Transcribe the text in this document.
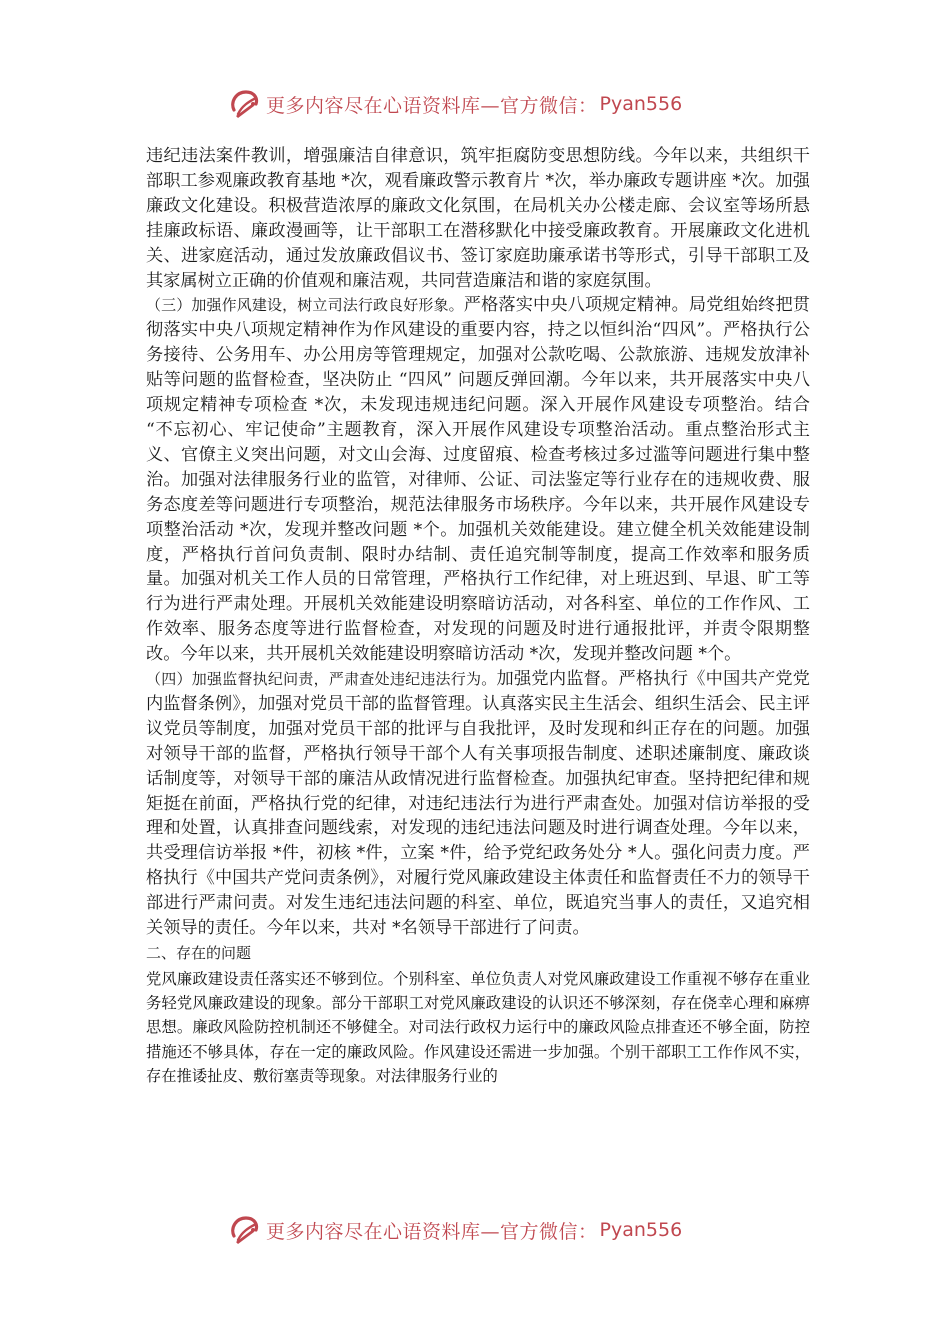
更多内容尽在心语资料库—官方微信： Pyan556

违纪违法案件教训，增强廉洁自律意识，筑牢拒腐防变思想防线。今年以来，共组织干部职工参观廉政教育基地 *次，观看廉政警示教育片 *次，举办廉政专题讲座 *次。加强廉政文化建设。积极营造浓厚的廉政文化氛围，在局机关办公楼走廊、会议室等场所悬挂廉政标语、廉政漫画等，让干部职工在潜移默化中接受廉政教育。开展廉政文化进机关、进家庭活动，通过发放廉政倡议书、签订家庭助廉承诺书等形式，引导干部职工及其家属树立正确的价值观和廉洁观，共同营造廉洁和谐的家庭氛围。

（三）加强作风建设，树立司法行政良好形象。严格落实中央八项规定精神。局党组始终把贯彻落实中央八项规定精神作为作风建设的重要内容，持之以恒纠治“四风”。严格执行公务接待、公务用车、办公用房等管理规定，加强对公款吃喝、公款旅游、违规发放津补贴等问题的监督检查，坚决防止 “四风” 问题反弹回潮。今年以来，共开展落实中央八项规定精神专项检查 *次，未发现违规违纪问题。深入开展作风建设专项整治。结合 “不忘初心、牢记使命”主题教育，深入开展作风建设专项整治活动。重点整治形式主义、官僚主义突出问题，对文山会海、过度留痕、检查考核过多过滥等问题进行集中整治。加强对法律服务行业的监管，对律师、公证、司法鉴定等行业存在的违规收费、服务态度差等问题进行专项整治，规范法律服务市场秩序。今年以来，共开展作风建设专项整治活动 *次，发现并整改问题 *个。加强机关效能建设。建立健全机关效能建设制度，严格执行首问负责制、限时办结制、责任追究制等制度，提高工作效率和服务质量。加强对机关工作人员的日常管理，严格执行工作纪律，对上班迟到、早退、旷工等行为进行严肃处理。开展机关效能建设明察暗访活动，对各科室、单位的工作作风、工作效率、服务态度等进行监督检查，对发现的问题及时进行通报批评，并责令限期整改。今年以来，共开展机关效能建设明察暗访活动 *次，发现并整改问题 *个。

（四）加强监督执纪问责，严肃查处违纪违法行为。加强党内监督。严格执行《中国共产党党内监督条例》，加强对党员干部的监督管理。认真落实民主生活会、组织生活会、民主评议党员等制度，加强对党员干部的批评与自我批评，及时发现和纠正存在的问题。加强对领导干部的监督，严格执行领导干部个人有关事项报告制度、述职述廉制度、廉政谈话制度等，对领导干部的廉洁从政情况进行监督检查。加强执纪审查。坚持把纪律和规矩挺在前面，严格执行党的纪律，对违纪违法行为进行严肃查处。加强对信访举报的受理和处置，认真排查问题线索，对发现的违纪违法问题及时进行调查处理。今年以来，共受理信访举报 *件，初核 *件，立案 *件，给予党纪政务处分 *人。强化问责力度。严格执行《中国共产党问责条例》，对履行党风廉政建设主体责任和监督责任不力的领导干部进行严肃问责。对发生违纪违法问题的科室、单位，既追究当事人的责任，又追究相关领导的责任。今年以来，共对 *名领导干部进行了问责。

二、存在的问题

党风廉政建设责任落实还不够到位。个别科室、单位负责人对党风廉政建设工作重视不够存在重业务轻党风廉政建设的现象。部分干部职工对党风廉政建设的认识还不够深刻，存在侥幸心理和麻痹思想。廉政风险防控机制还不够健全。对司法行政权力运行中的廉政风险点排查还不够全面，防控措施还不够具体，存在一定的廉政风险。作风建设还需进一步加强。个别干部职工工作作风不实，存在推诿扯皮、敷衍塞责等现象。对法律服务行业的

更多内容尽在心语资料库—官方微信： Pyan556
